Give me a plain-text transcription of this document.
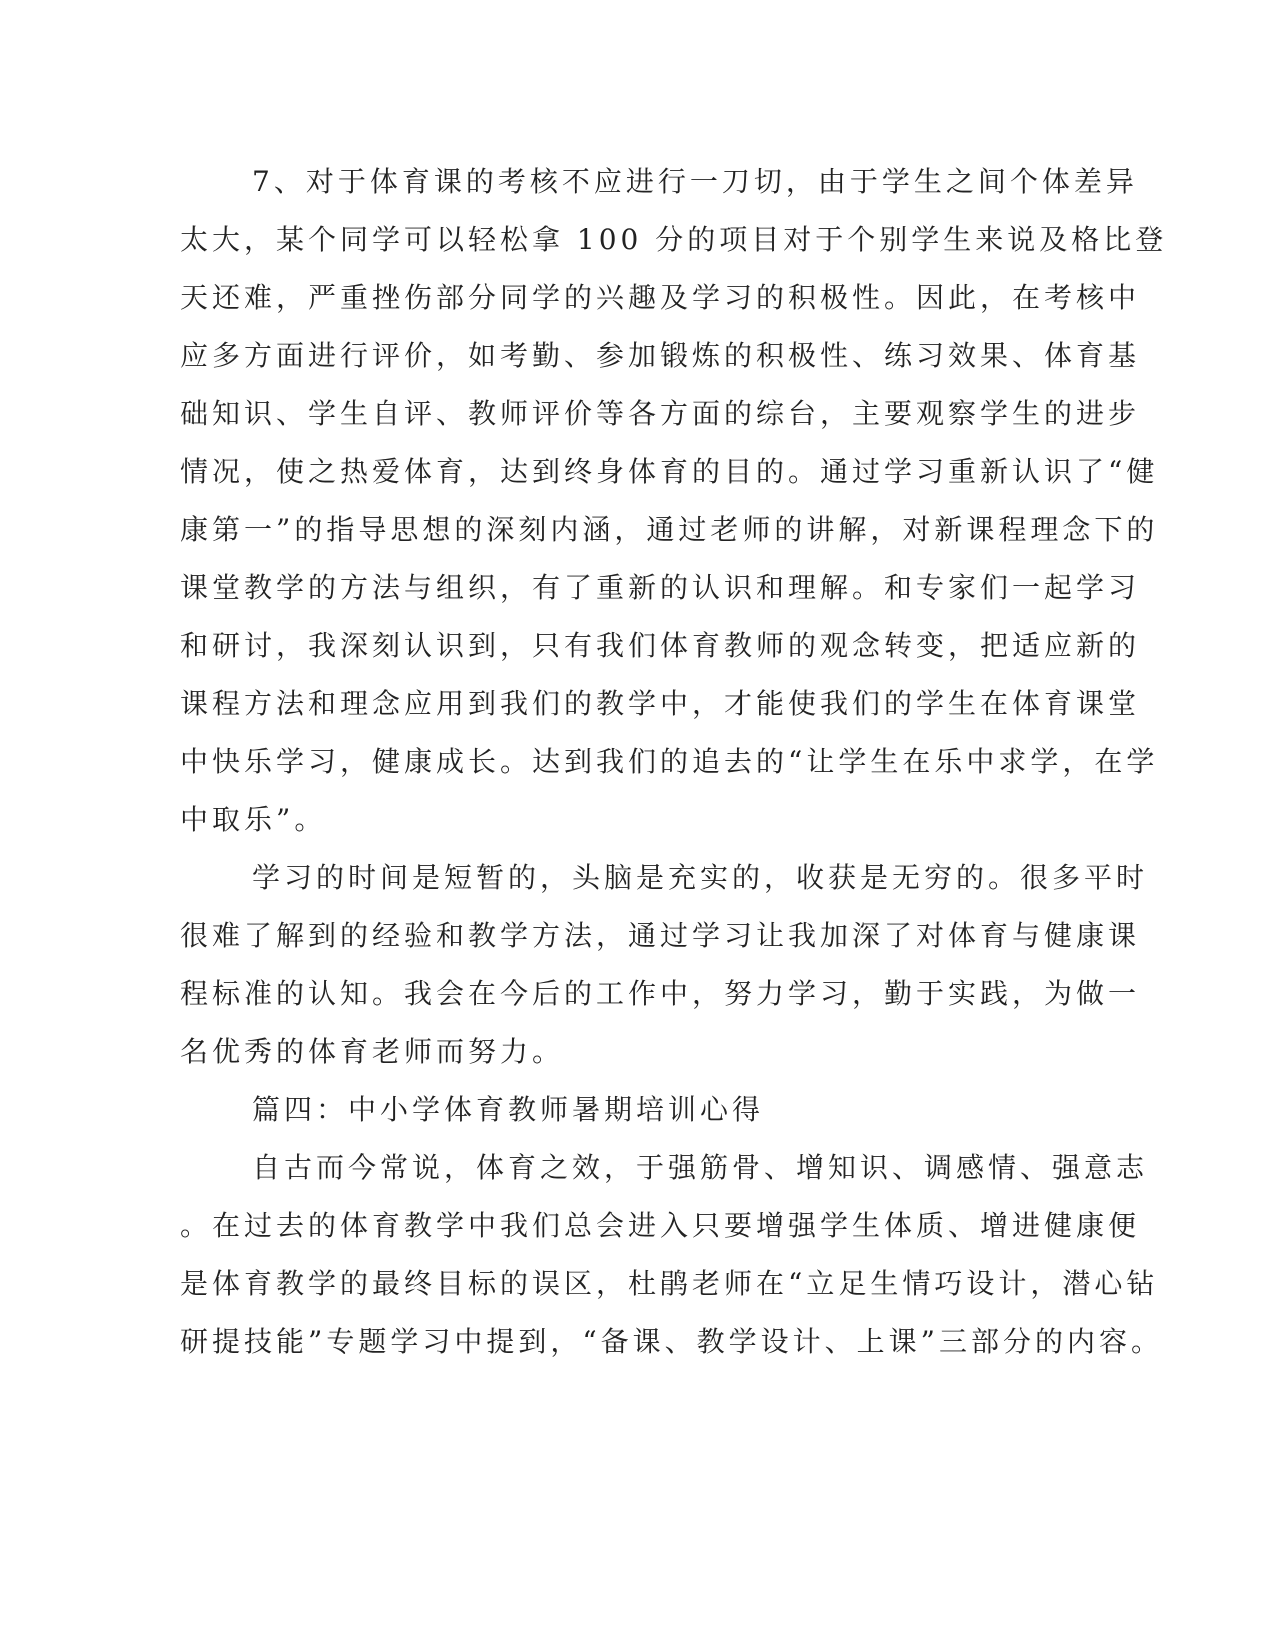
7、对于体育课的考核不应进行一刀切，由于学生之间个体差异

太大，某个同学可以轻松拿 100 分的项目对于个别学生来说及格比登

天还难，严重挫伤部分同学的兴趣及学习的积极性。因此，在考核中

应多方面进行评价，如考勤、参加锻炼的积极性、练习效果、体育基

础知识、学生自评、教师评价等各方面的综台，主要观察学生的进步

情况，使之热爱体育，达到终身体育的目的。通过学习重新认识了“健

康第一”的指导思想的深刻内涵，通过老师的讲解，对新课程理念下的

课堂教学的方法与组织，有了重新的认识和理解。和专家们一起学习

和研讨，我深刻认识到，只有我们体育教师的观念转变，把适应新的

课程方法和理念应用到我们的教学中，才能使我们的学生在体育课堂

中快乐学习，健康成长。达到我们的追去的“让学生在乐中求学，在学

中取乐”。

学习的时间是短暂的，头脑是充实的，收获是无穷的。很多平时

很难了解到的经验和教学方法，通过学习让我加深了对体育与健康课

程标准的认知。我会在今后的工作中，努力学习，勤于实践，为做一

名优秀的体育老师而努力。

篇四：中小学体育教师暑期培训心得

自古而今常说，体育之效，于强筋骨、增知识、调感情、强意志

。在过去的体育教学中我们总会进入只要增强学生体质、增进健康便

是体育教学的最终目标的误区，杜鹃老师在“立足生情巧设计，潜心钻

研提技能”专题学习中提到，“备课、教学设计、上课”三部分的内容。
